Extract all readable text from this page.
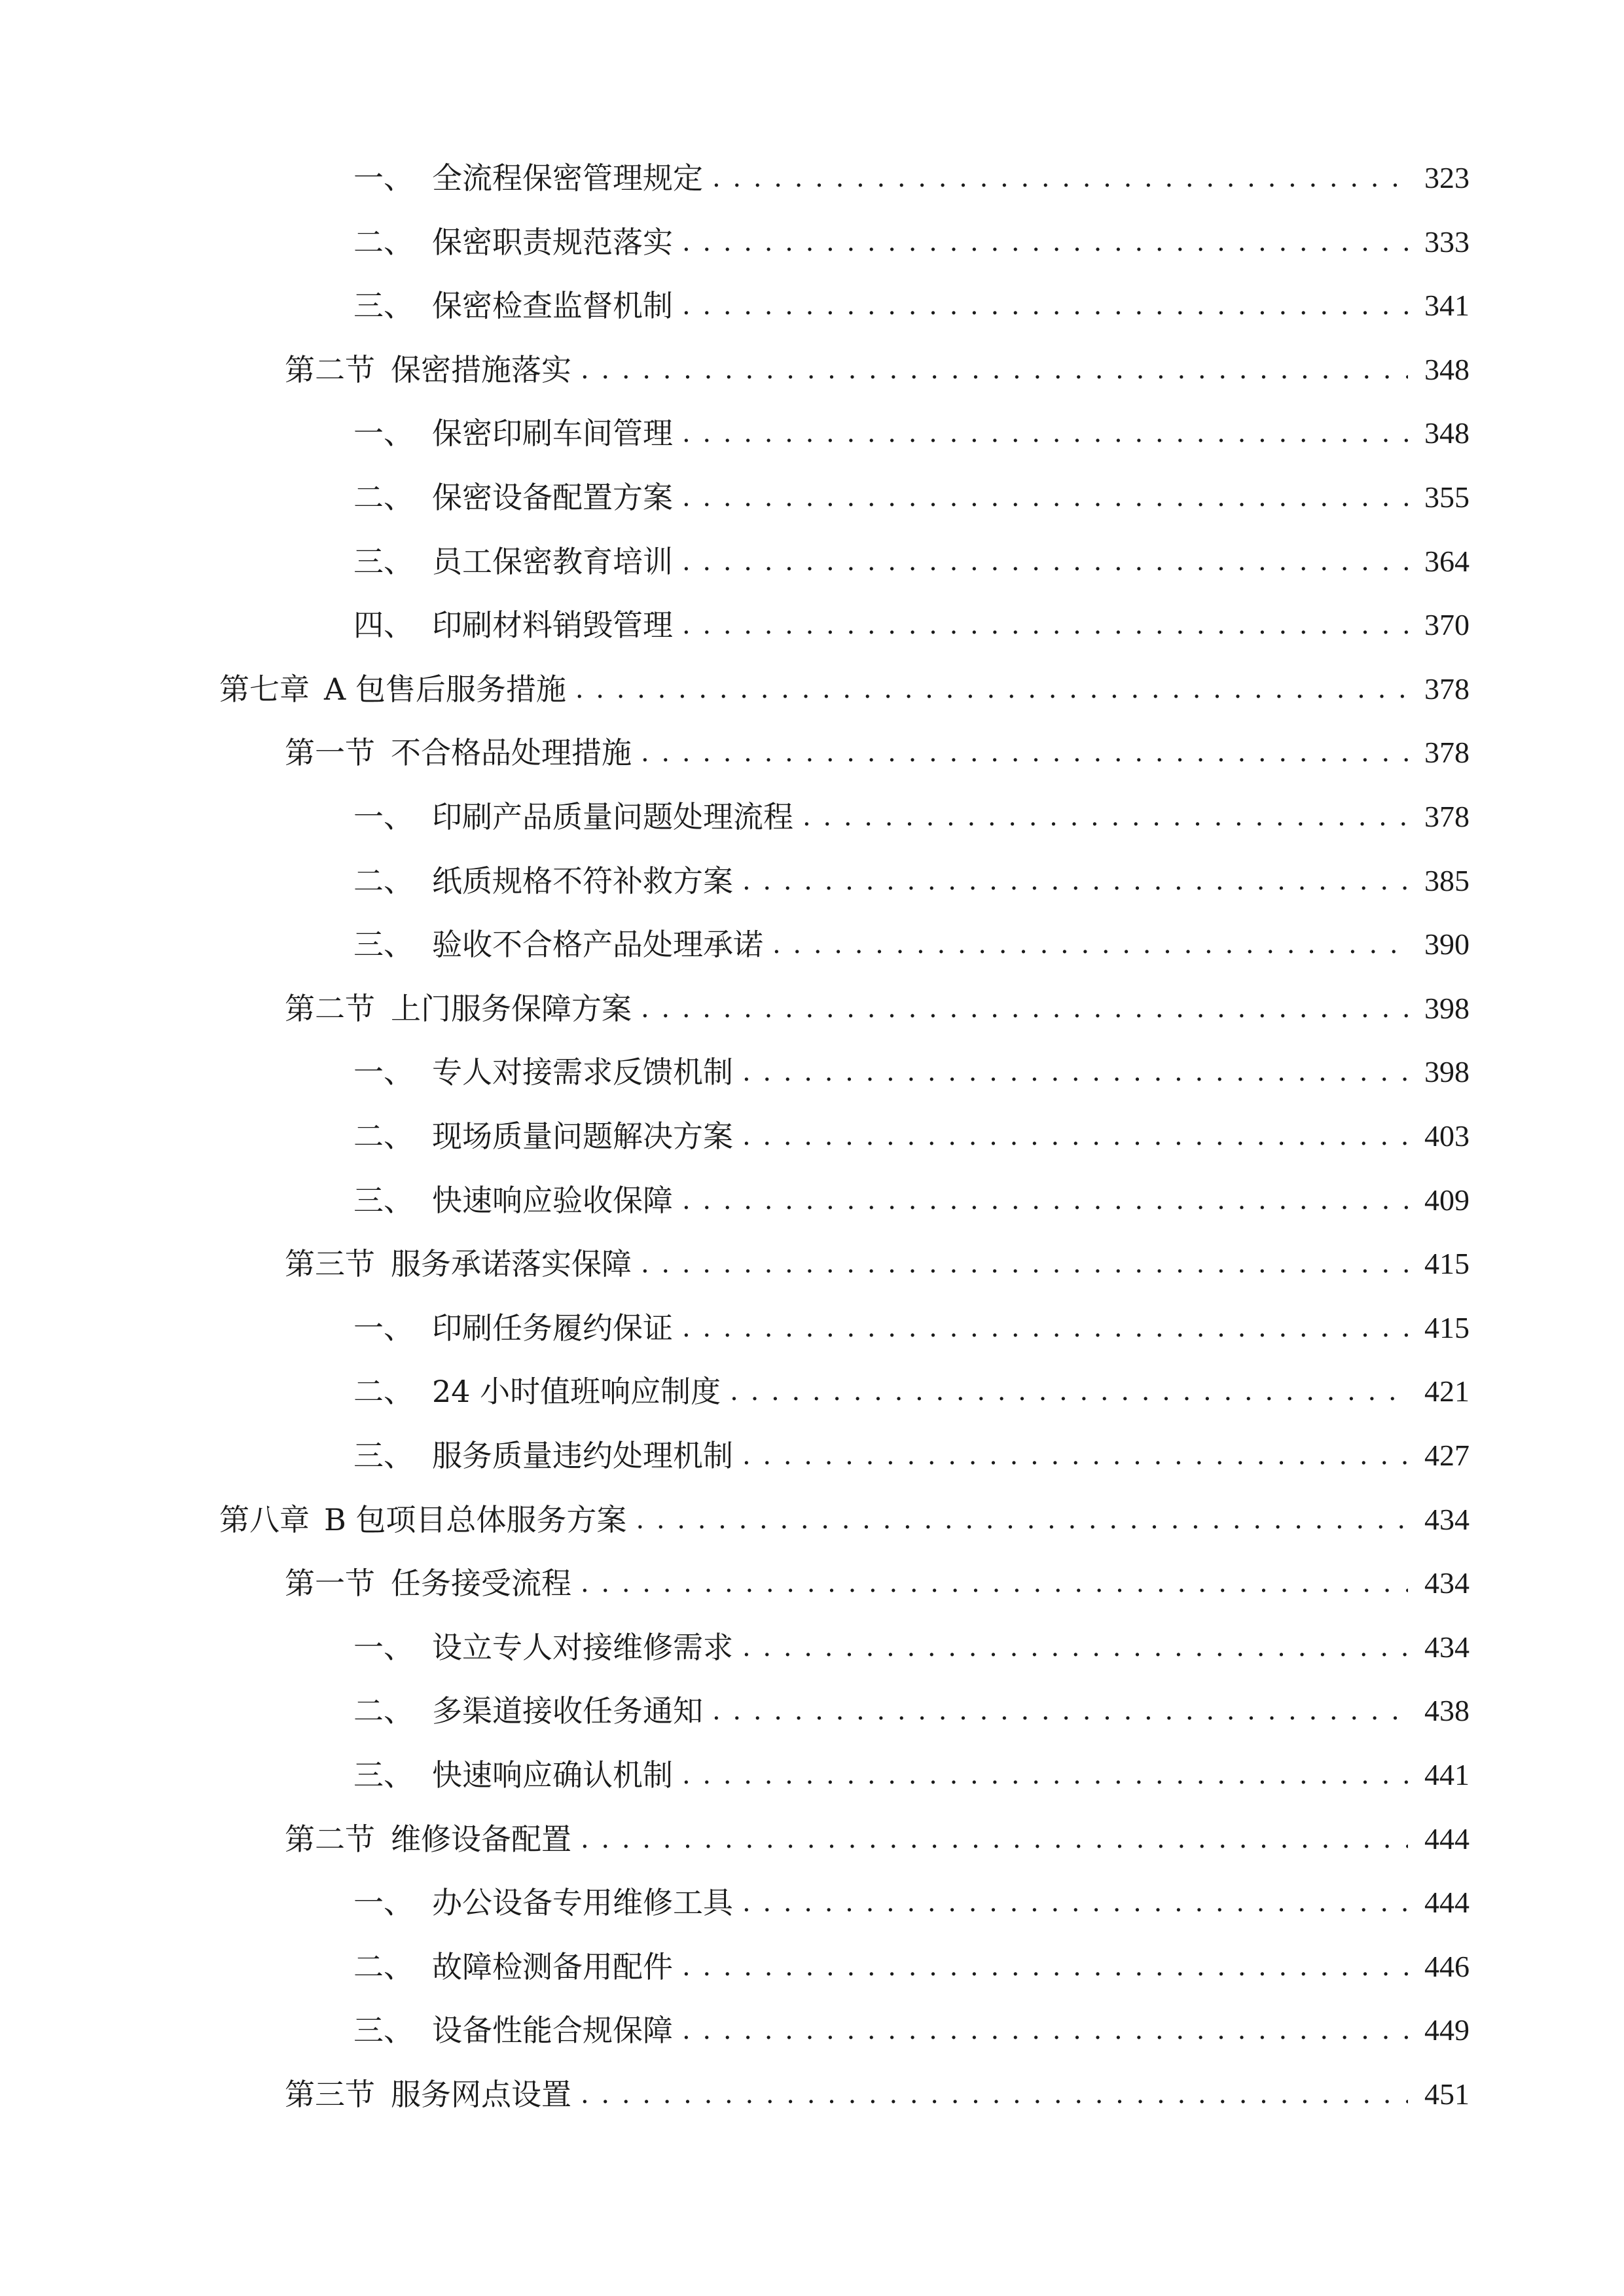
一、 全流程保密管理规定 . . .	323
二、 保密职责规范落实 . . .	333
三、 保密检查监督机制 . . .	341
第二节 保密措施落实 . . .	348
一、 保密印刷车间管理 . . .	348
二、 保密设备配置方案 . . .	355
三、 员工保密教育培训 . . .	364
四、 印刷材料销毁管理 . . .	370
第七章 A 包售后服务措施 . . .	378
第一节 不合格品处理措施 . . .	378
一、 印刷产品质量问题处理流程 . . .	378
二、 纸质规格不符补救方案 . . .	385
三、 验收不合格产品处理承诺 . . .	390
第二节 上门服务保障方案 . . .	398
一、 专人对接需求反馈机制 . . .	398
二、 现场质量问题解决方案 . . .	403
三、 快速响应验收保障 . . .	409
第三节 服务承诺落实保障 . . .	415
一、 印刷任务履约保证 . . .	415
二、 24 小时值班响应制度 . . .	421
三、 服务质量违约处理机制 . . .	427
第八章 B 包项目总体服务方案 . . .	434
第一节 任务接受流程 . . .	434
一、 设立专人对接维修需求 . . .	434
二、 多渠道接收任务通知 . . .	438
三、 快速响应确认机制 . . .	441
第二节 维修设备配置 . . .	444
一、 办公设备专用维修工具 . . .	444
二、 故障检测备用配件 . . .	446
三、 设备性能合规保障 . . .	449
第三节 服务网点设置 . . .	451
